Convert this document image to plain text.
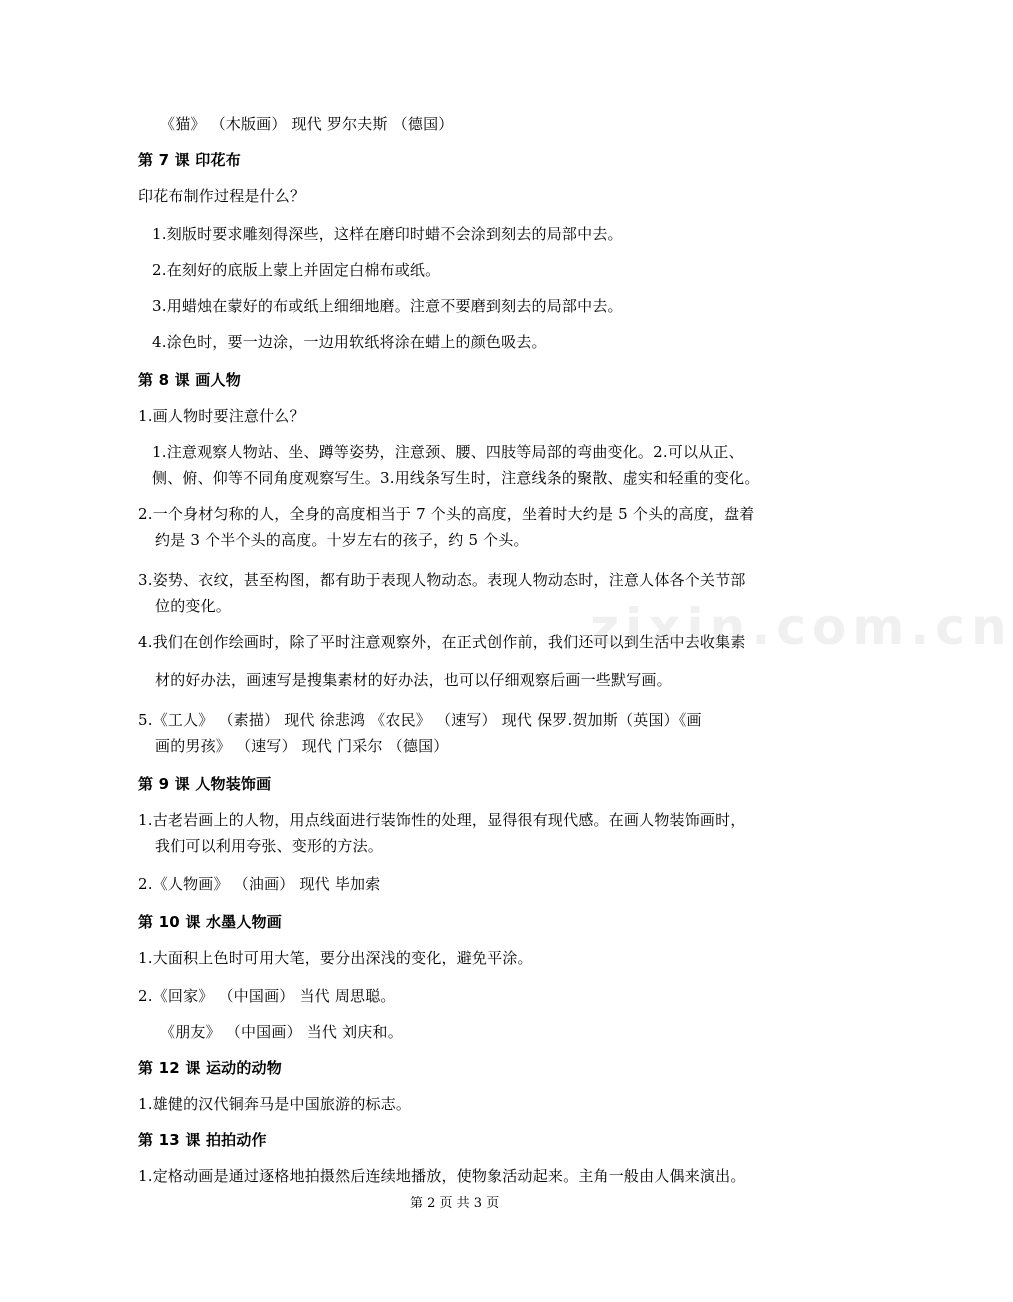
《猫》 （木版画） 现代 罗尔夫斯 （德国）
第 7 课 印花布
印花布制作过程是什么？
1.刻版时要求雕刻得深些，这样在磨印时蜡不会涂到刻去的局部中去。
2.在刻好的底版上蒙上并固定白棉布或纸。
3.用蜡烛在蒙好的布或纸上细细地磨。注意不要磨到刻去的局部中去。
4.涂色时，要一边涂，一边用软纸将涂在蜡上的颜色吸去。
第 8 课 画人物
1.画人物时要注意什么？
1.注意观察人物站、坐、蹲等姿势，注意颈、腰、四肢等局部的弯曲变化。2.可以从正、
侧、俯、仰等不同角度观察写生。3.用线条写生时，注意线条的聚散、虚实和轻重的变化。
2.一个身材匀称的人，全身的高度相当于 7 个头的高度，坐着时大约是 5 个头的高度，盘着
约是 3 个半个头的高度。十岁左右的孩子，约 5 个头。
3.姿势、衣纹，甚至构图，都有助于表现人物动态。表现人物动态时，注意人体各个关节部
位的变化。
4.我们在创作绘画时，除了平时注意观察外，在正式创作前，我们还可以到生活中去收集素
材的好办法，画速写是搜集素材的好办法，也可以仔细观察后画一些默写画。
5.《工人》 （素描） 现代 徐悲鸿 《农民》 （速写） 现代 保罗.贺加斯（英国）《画
画的男孩》 （速写） 现代 门采尔 （德国）
第 9 课 人物装饰画
1.古老岩画上的人物，用点线面进行装饰性的处理，显得很有现代感。在画人物装饰画时，
我们可以利用夸张、变形的方法。
2.《人物画》 （油画） 现代 毕加索
第 10 课 水墨人物画
1.大面积上色时可用大笔，要分出深浅的变化，避免平涂。
2.《回家》 （中国画） 当代 周思聪。
《朋友》 （中国画） 当代 刘庆和。
第 12 课 运动的动物
1.雄健的汉代铜奔马是中国旅游的标志。
第 13 课 拍拍动作
1.定格动画是通过逐格地拍摄然后连续地播放，使物象活动起来。主角一般由人偶来演出。
第 2 页 共 3 页
zixin.com.cn
